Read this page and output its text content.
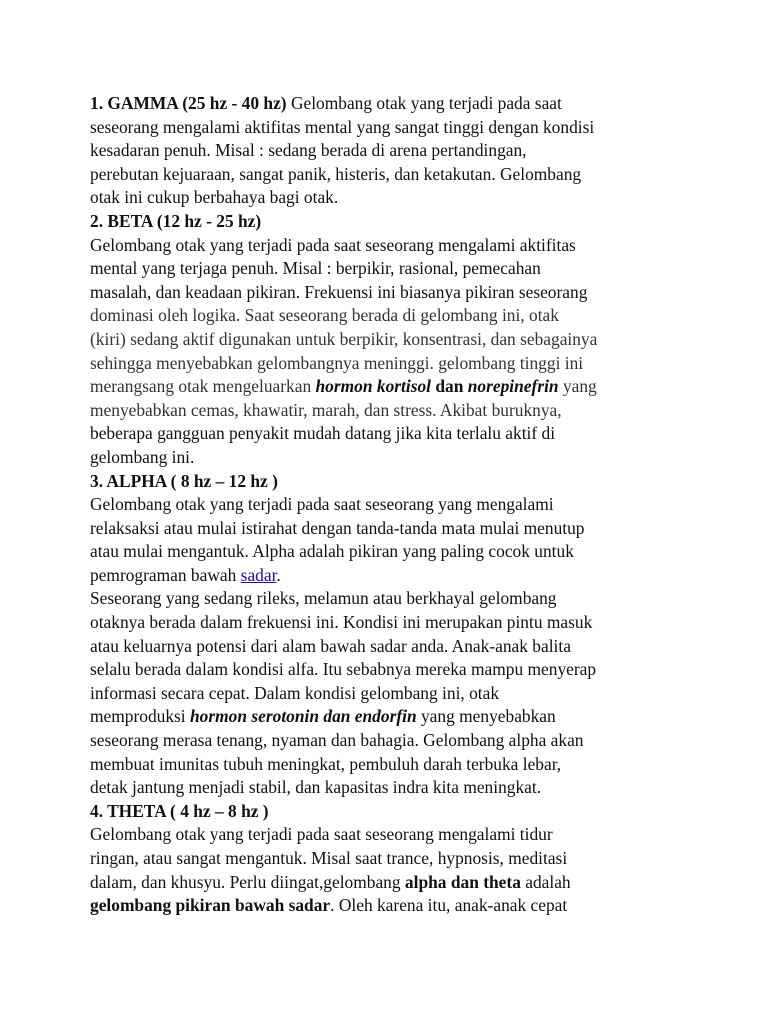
1. GAMMA (25 hz - 40 hz) Gelombang otak yang terjadi pada saat
seseorang mengalami aktifitas mental yang sangat tinggi dengan kondisi
kesadaran penuh. Misal : sedang berada di arena pertandingan,
perebutan kejuaraan, sangat panik, histeris, dan ketakutan. Gelombang
otak ini cukup berbahaya bagi otak.
2. BETA (12 hz - 25 hz)
Gelombang otak yang terjadi pada saat seseorang mengalami aktifitas
mental yang terjaga penuh. Misal : berpikir, rasional, pemecahan
masalah, dan keadaan pikiran. Frekuensi ini biasanya pikiran seseorang
dominasi oleh logika. Saat seseorang berada di gelombang ini, otak
(kiri) sedang aktif digunakan untuk berpikir, konsentrasi, dan sebagainya
sehingga menyebabkan gelombangnya meninggi. gelombang tinggi ini
merangsang otak mengeluarkan hormon kortisol dan norepinefrin yang
menyebabkan cemas, khawatir, marah, dan stress. Akibat buruknya,
beberapa gangguan penyakit mudah datang jika kita terlalu aktif di
gelombang ini.
3. ALPHA ( 8 hz – 12 hz )
Gelombang otak yang terjadi pada saat seseorang yang mengalami
relaksaksi atau mulai istirahat dengan tanda-tanda mata mulai menutup
atau mulai mengantuk. Alpha adalah pikiran yang paling cocok untuk
pemrograman bawah sadar.
Seseorang yang sedang rileks, melamun atau berkhayal gelombang
otaknya berada dalam frekuensi ini. Kondisi ini merupakan pintu masuk
atau keluarnya potensi dari alam bawah sadar anda. Anak-anak balita
selalu berada dalam kondisi alfa. Itu sebabnya mereka mampu menyerap
informasi secara cepat. Dalam kondisi gelombang ini, otak
memproduksi hormon serotonin dan endorfin yang menyebabkan
seseorang merasa tenang, nyaman dan bahagia. Gelombang alpha akan
membuat imunitas tubuh meningkat, pembuluh darah terbuka lebar,
detak jantung menjadi stabil, dan kapasitas indra kita meningkat.
4. THETA ( 4 hz – 8 hz )
Gelombang otak yang terjadi pada saat seseorang mengalami tidur
ringan, atau sangat mengantuk. Misal saat trance, hypnosis, meditasi
dalam, dan khusyu. Perlu diingat,gelombang alpha dan theta adalah
gelombang pikiran bawah sadar. Oleh karena itu, anak-anak cepat
